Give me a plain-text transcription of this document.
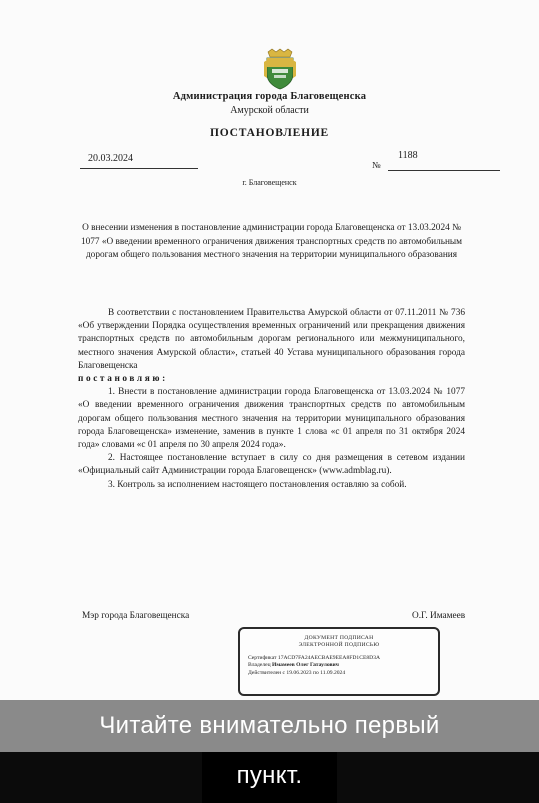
Администрация города Благовещенска
Амурской области
ПОСТАНОВЛЕНИЕ
20.03.2024
№
1188
г. Благовещенск
О внесении изменения в постановление администрации города Благовещенска от 13.03.2024 № 1077 «О введении временного ограничения движения транспортных средств по автомобильным дорогам общего пользования местного значения на территории муниципального образования

В соответствии с постановлением Правительства Амурской области от 07.11.2011 № 736 «Об утверждении Порядка осуществления временных ограничений или прекращения движения транспортных средств по автомобильным дорогам регионального или межмуниципального, местного значения Амурской области», статьей 40 Устава муниципального образования города Благовещенска

постановляю:

1. Внести в постановление администрации города Благовещенска от 13.03.2024 № 1077 «О введении временного ограничения движения транспортных средств по автомобильным дорогам общего пользования местного значения на территории муниципального образования города Благовещенска» изменение, заменив в пункте 1 слова «с 01 апреля по 31 октября 2024 года» словами «с 01 апреля по 30 апреля 2024 года».

2. Настоящее постановление вступает в силу со дня размещения в сетевом издании «Официальный сайт Администрации города Благовещенск» (www.admblag.ru).

3. Контроль за исполнением настоящего постановления оставляю за собой.

Мэр города Благовещенска	О.Г. Имамеев
ДОКУМЕНТ ПОДПИСАН
ЭЛЕКТРОННОЙ ПОДПИСЬЮ
Сертификат 17ACD7FA24AECBAE9EEA8FD1CE8D3A
Владелец Имамеев Олег Гатаулович
Действителен с 19.06.2023 по 11.09.2024
Читайте внимательно первый
пункт.
